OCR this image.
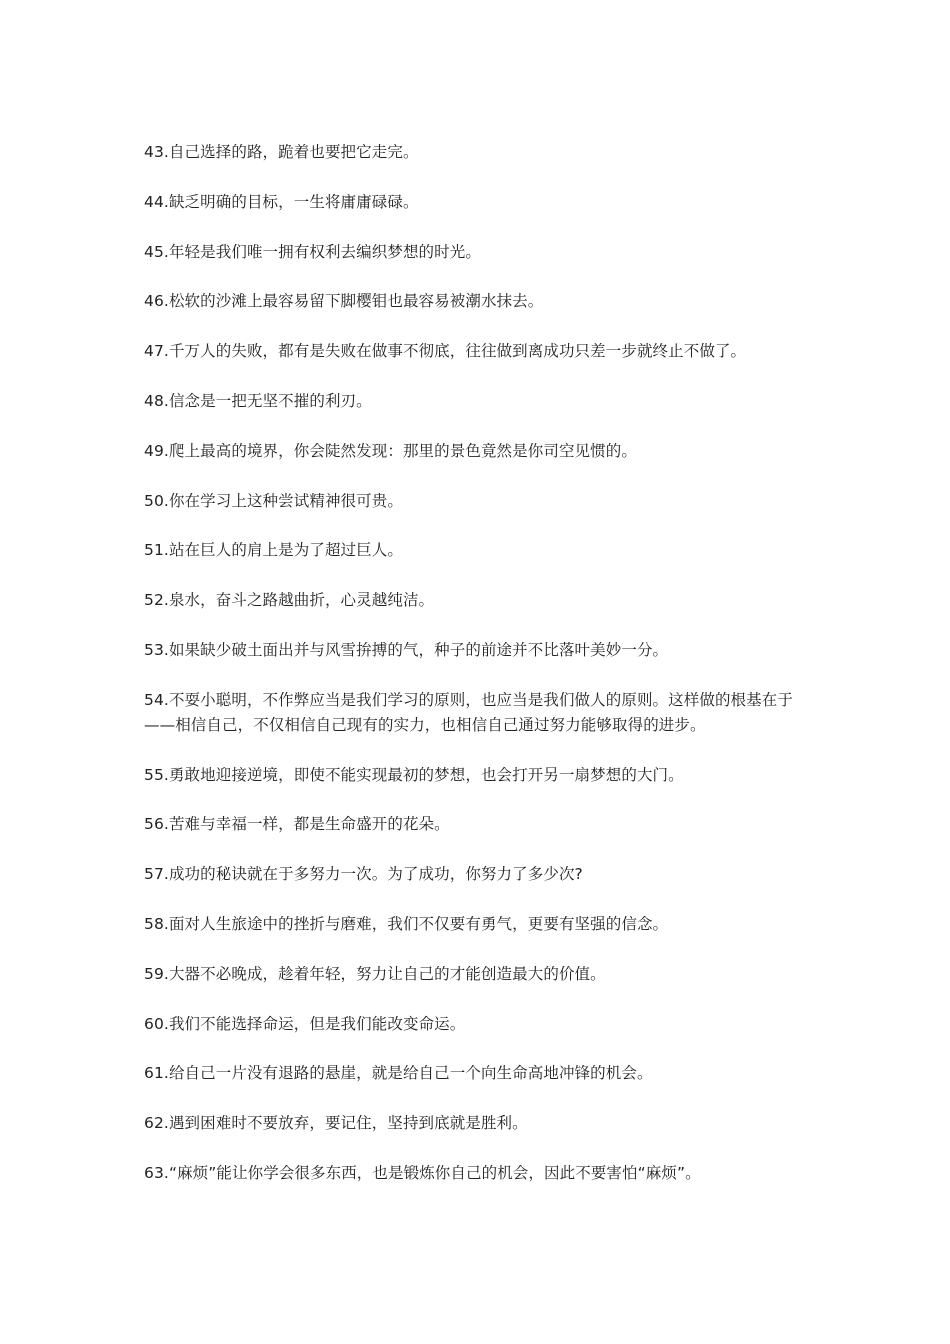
43.自己选择的路，跪着也要把它走完。

44.缺乏明确的目标，一生将庸庸碌碌。

45.年轻是我们唯一拥有权利去编织梦想的时光。

46.松软的沙滩上最容易留下脚樱钼也最容易被潮水抹去。

47.千万人的失败，都有是失败在做事不彻底，往往做到离成功只差一步就终止不做了。

48.信念是一把无坚不摧的利刃。

49.爬上最高的境界，你会陡然发现：那里的景色竟然是你司空见惯的。

50.你在学习上这种尝试精神很可贵。

51.站在巨人的肩上是为了超过巨人。

52.泉水，奋斗之路越曲折，心灵越纯洁。

53.如果缺少破土面出并与风雪拚搏的气，种子的前途并不比落叶美妙一分。

54.不耍小聪明，不作弊应当是我们学习的原则，也应当是我们做人的原则。这样做的根基在于——相信自己，不仅相信自己现有的实力，也相信自己通过努力能够取得的进步。

55.勇敢地迎接逆境，即使不能实现最初的梦想，也会打开另一扇梦想的大门。

56.苦难与幸福一样，都是生命盛开的花朵。

57.成功的秘诀就在于多努力一次。为了成功，你努力了多少次?

58.面对人生旅途中的挫折与磨难，我们不仅要有勇气，更要有坚强的信念。

59.大器不必晚成，趁着年轻，努力让自己的才能创造最大的价值。

60.我们不能选择命运，但是我们能改变命运。

61.给自己一片没有退路的悬崖，就是给自己一个向生命高地冲锋的机会。

62.遇到困难时不要放弃，要记住，坚持到底就是胜利。

63.“麻烦”能让你学会很多东西，也是锻炼你自己的机会，因此不要害怕“麻烦”。
